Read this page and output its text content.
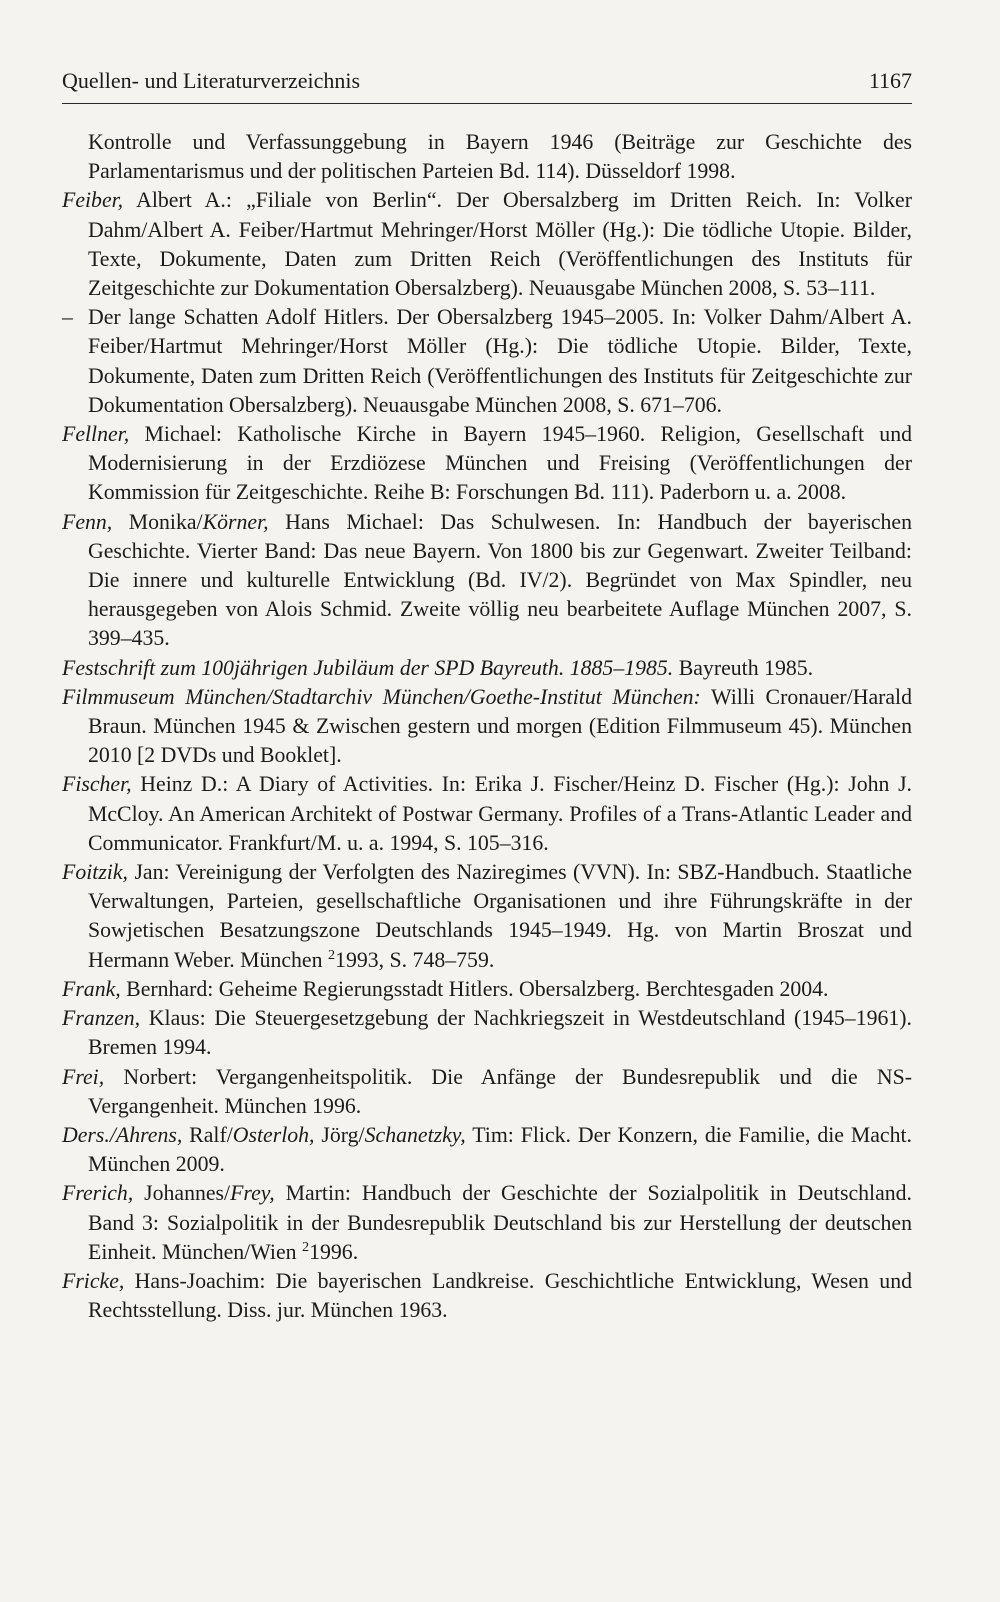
Quellen- und Literaturverzeichnis	1167

Kontrolle und Verfassunggebung in Bayern 1946 (Beiträge zur Geschichte des Parlamentarismus und der politischen Parteien Bd. 114). Düsseldorf 1998.

Feiber, Albert A.: „Filiale von Berlin“. Der Obersalzberg im Dritten Reich. In: Volker Dahm/Albert A. Feiber/Hartmut Mehringer/Horst Möller (Hg.): Die tödliche Utopie. Bilder, Texte, Dokumente, Daten zum Dritten Reich (Veröffentlichungen des Instituts für Zeitgeschichte zur Dokumentation Obersalzberg). Neuausgabe München 2008, S. 53–111.

– Der lange Schatten Adolf Hitlers. Der Obersalzberg 1945–2005. In: Volker Dahm/Albert A. Feiber/Hartmut Mehringer/Horst Möller (Hg.): Die tödliche Utopie. Bilder, Texte, Dokumente, Daten zum Dritten Reich (Veröffentlichungen des Instituts für Zeitgeschichte zur Dokumentation Obersalzberg). Neuausgabe München 2008, S. 671–706.

Fellner, Michael: Katholische Kirche in Bayern 1945–1960. Religion, Gesellschaft und Modernisierung in der Erzdiözese München und Freising (Veröffentlichungen der Kommission für Zeitgeschichte. Reihe B: Forschungen Bd. 111). Paderborn u. a. 2008.

Fenn, Monika/Körner, Hans Michael: Das Schulwesen. In: Handbuch der bayerischen Geschichte. Vierter Band: Das neue Bayern. Von 1800 bis zur Gegenwart. Zweiter Teilband: Die innere und kulturelle Entwicklung (Bd. IV/2). Begründet von Max Spindler, neu herausgegeben von Alois Schmid. Zweite völlig neu bearbeitete Auflage München 2007, S. 399–435.

Festschrift zum 100jährigen Jubiläum der SPD Bayreuth. 1885–1985. Bayreuth 1985.

Filmmuseum München/Stadtarchiv München/Goethe-Institut München: Willi Cronauer/Harald Braun. München 1945 & Zwischen gestern und morgen (Edition Filmmuseum 45). München 2010 [2 DVDs und Booklet].

Fischer, Heinz D.: A Diary of Activities. In: Erika J. Fischer/Heinz D. Fischer (Hg.): John J. McCloy. An American Architekt of Postwar Germany. Profiles of a Trans-Atlantic Leader and Communicator. Frankfurt/M. u. a. 1994, S. 105–316.

Foitzik, Jan: Vereinigung der Verfolgten des Naziregimes (VVN). In: SBZ-Handbuch. Staatliche Verwaltungen, Parteien, gesellschaftliche Organisationen und ihre Führungskräfte in der Sowjetischen Besatzungszone Deutschlands 1945–1949. Hg. von Martin Broszat und Hermann Weber. München $^2$1993, S. 748–759.

Frank, Bernhard: Geheime Regierungsstadt Hitlers. Obersalzberg. Berchtesgaden 2004.

Franzen, Klaus: Die Steuergesetzgebung der Nachkriegszeit in Westdeutschland (1945–1961). Bremen 1994.

Frei, Norbert: Vergangenheitspolitik. Die Anfänge der Bundesrepublik und die NS-Vergangenheit. München 1996.

Ders./Ahrens, Ralf/Osterloh, Jörg/Schanetzky, Tim: Flick. Der Konzern, die Familie, die Macht. München 2009.

Frerich, Johannes/Frey, Martin: Handbuch der Geschichte der Sozialpolitik in Deutschland. Band 3: Sozialpolitik in der Bundesrepublik Deutschland bis zur Herstellung der deutschen Einheit. München/Wien $^2$1996.

Fricke, Hans-Joachim: Die bayerischen Landkreise. Geschichtliche Entwicklung, Wesen und Rechtsstellung. Diss. jur. München 1963.
